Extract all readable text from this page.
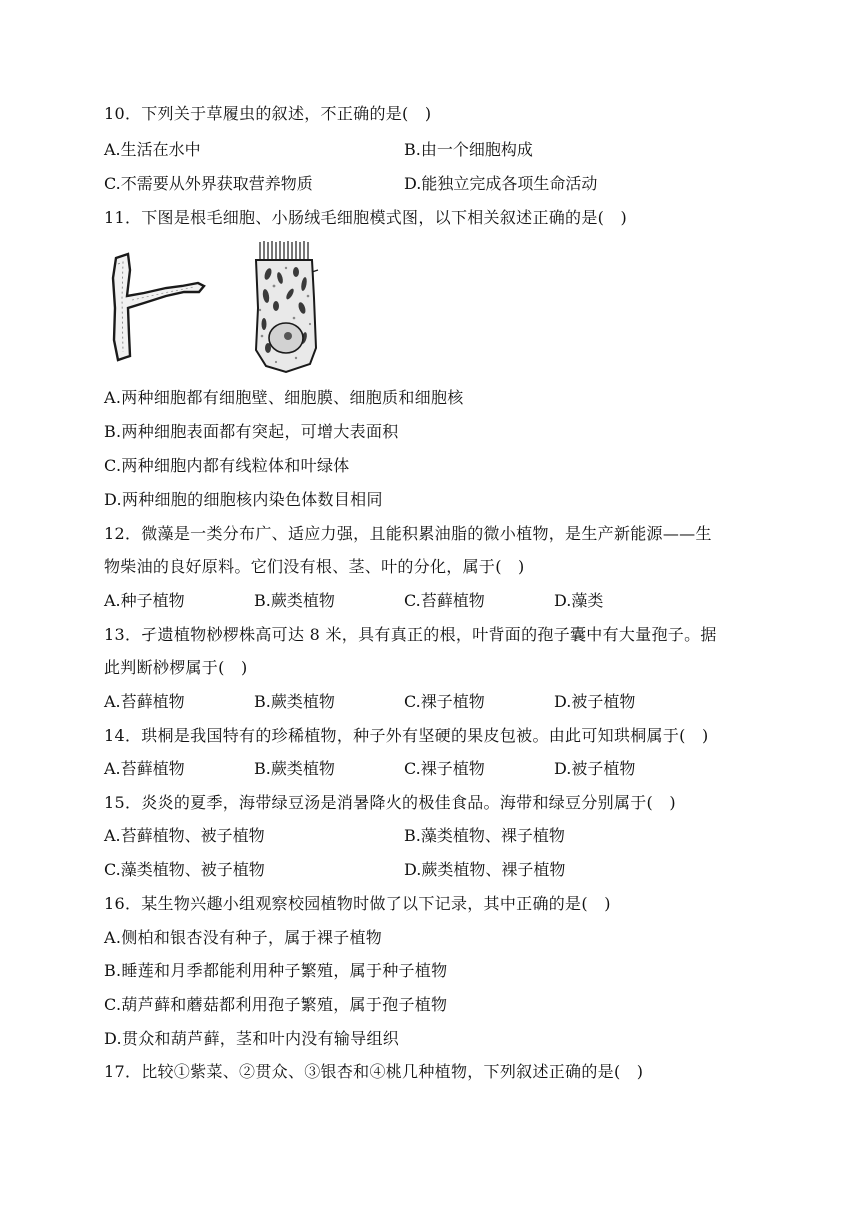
10．下列关于草履虫的叙述，不正确的是(　)
A.生活在水中	B.由一个细胞构成
C.不需要从外界获取营养物质	D.能独立完成各项生命活动
11．下图是根毛细胞、小肠绒毛细胞模式图，以下相关叙述正确的是(　)
A.两种细胞都有细胞壁、细胞膜、细胞质和细胞核
B.两种细胞表面都有突起，可增大表面积
C.两种细胞内都有线粒体和叶绿体
D.两种细胞的细胞核内染色体数目相同
12．微藻是一类分布广、适应力强，且能积累油脂的微小植物，是生产新能源——生
物柴油的良好原料。它们没有根、茎、叶的分化，属于(　)
A.种子植物	B.蕨类植物	C.苔藓植物	D.藻类
13．孑遗植物桫椤株高可达 8 米，具有真正的根，叶背面的孢子囊中有大量孢子。据
此判断桫椤属于(　)
A.苔藓植物	B.蕨类植物	C.裸子植物	D.被子植物
14．珙桐是我国特有的珍稀植物，种子外有坚硬的果皮包被。由此可知珙桐属于(　)
A.苔藓植物	B.蕨类植物	C.裸子植物	D.被子植物
15．炎炎的夏季，海带绿豆汤是消暑降火的极佳食品。海带和绿豆分别属于(　)
A.苔藓植物、被子植物	B.藻类植物、裸子植物
C.藻类植物、被子植物	D.蕨类植物、裸子植物
16．某生物兴趣小组观察校园植物时做了以下记录，其中正确的是(　)
A.侧柏和银杏没有种子，属于裸子植物
B.睡莲和月季都能利用种子繁殖，属于种子植物
C.葫芦藓和蘑菇都利用孢子繁殖，属于孢子植物
D.贯众和葫芦藓，茎和叶内没有输导组织
17．比较①紫菜、②贯众、③银杏和④桃几种植物，下列叙述正确的是(　)
